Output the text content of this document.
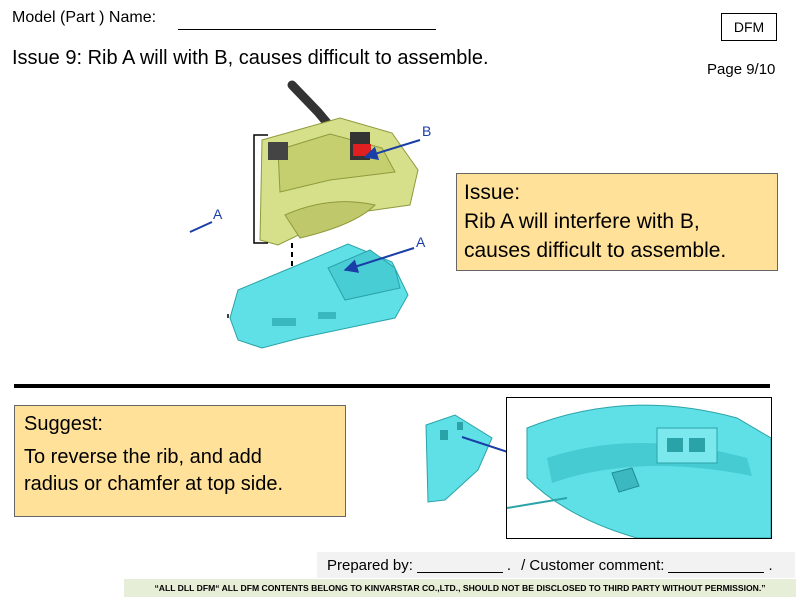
Model (Part ) Name:
DFM
Issue 9: Rib A will with B, causes difficult to assemble.
Page 9/10
B
A
A
Issue:
Rib A will interfere with B,
causes difficult to assemble.
Suggest:
To reverse the rib, and add
radius or chamfer at top side.
Prepared by:	. / Customer comment:	.
“ALL DLL DFM“ ALL DFM CONTENTS BELONG TO KINVARSTAR CO.,LTD., SHOULD NOT BE DISCLOSED TO THIRD PARTY WITHOUT PERMISSION.”
